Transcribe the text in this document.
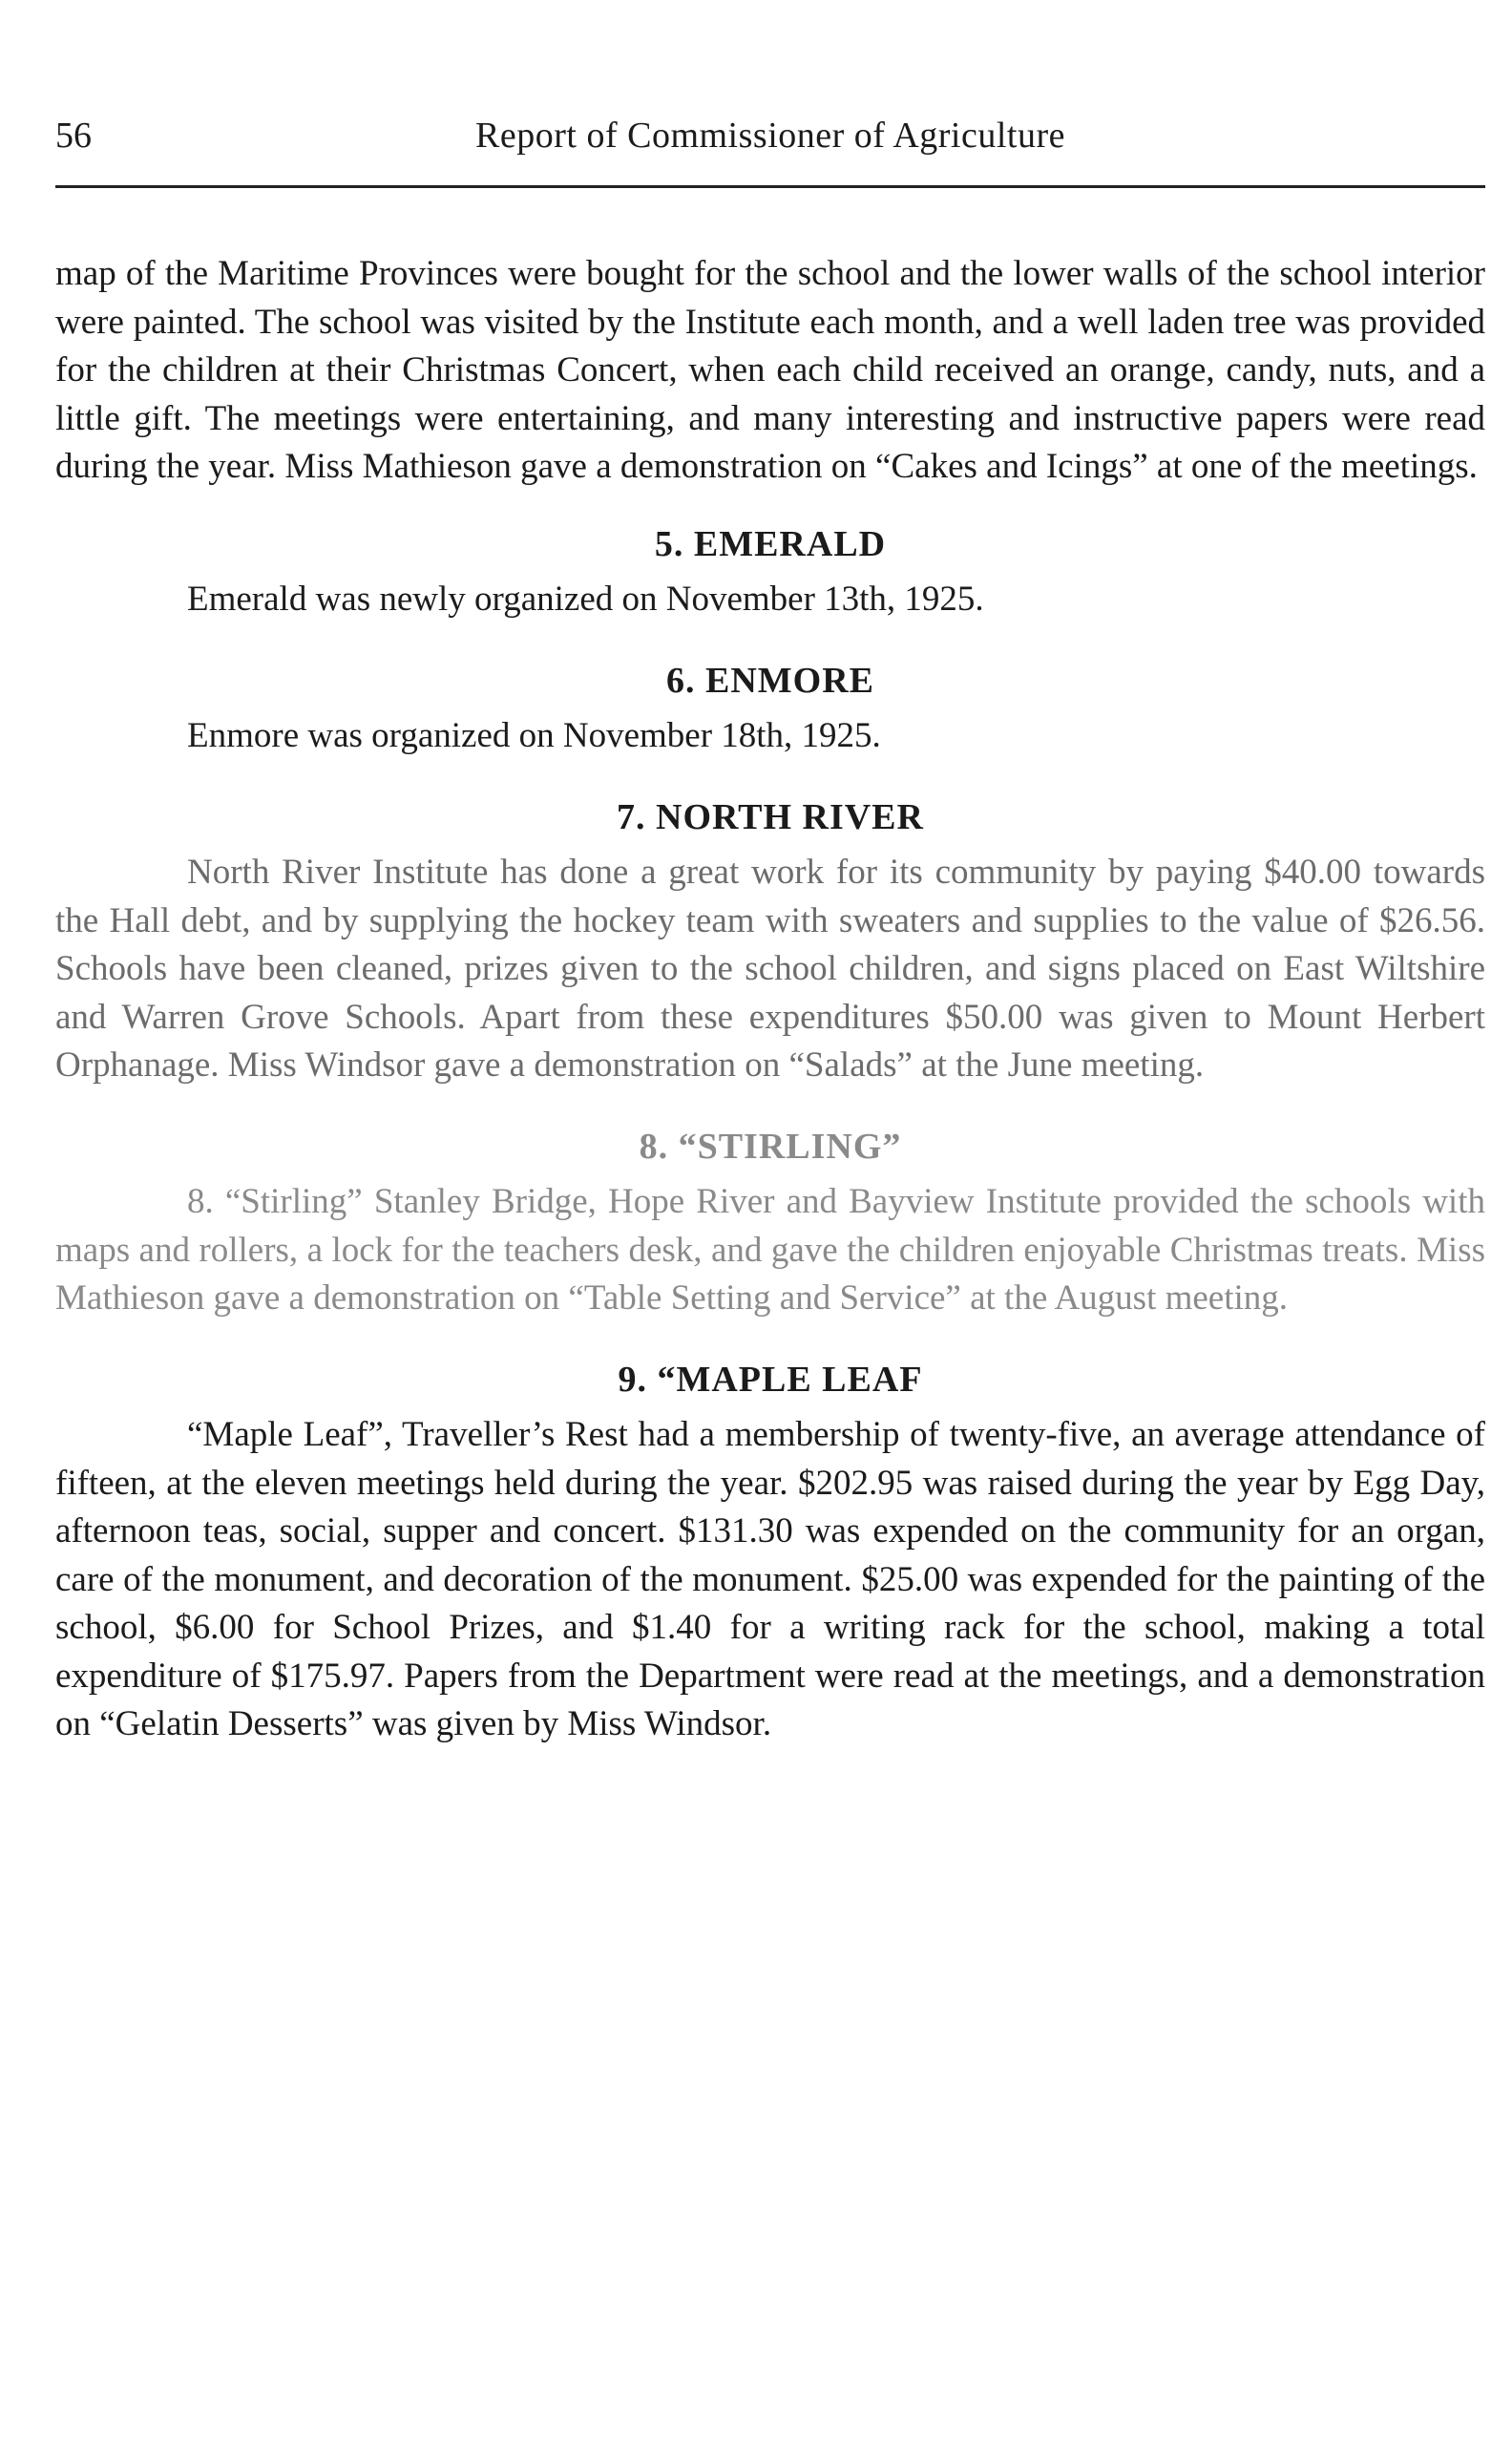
56	Report of Commissioner of Agriculture

map of the Maritime Provinces were bought for the school and the lower walls of the school interior were painted. The school was visited by the Institute each month, and a well laden tree was provided for the children at their Christmas Concert, when each child received an orange, candy, nuts, and a little gift. The meetings were entertaining, and many interesting and instructive papers were read during the year. Miss Mathieson gave a demonstration on “Cakes and Icings” at one of the meetings.

5. EMERALD

Emerald was newly organized on November 13th, 1925.

6. ENMORE

Enmore was organized on November 18th, 1925.

7. NORTH RIVER

North River Institute has done a great work for its community by paying $40.00 towards the Hall debt, and by supplying the hockey team with sweaters and supplies to the value of $26.56. Schools have been cleaned, prizes given to the school children, and signs placed on East Wiltshire and Warren Grove Schools. Apart from these expenditures $50.00 was given to Mount Herbert Orphanage. Miss Windsor gave a demonstration on “Salads” at the June meeting.

8. “STIRLING”

8. “Stirling” Stanley Bridge, Hope River and Bayview Institute provided the schools with maps and rollers, a lock for the teachers desk, and gave the children enjoyable Christmas treats. Miss Mathieson gave a demonstration on “Table Setting and Service” at the August meeting.

9. “MAPLE LEAF

“Maple Leaf”, Traveller’s Rest had a membership of twenty-five, an average attendance of fifteen, at the eleven meetings held during the year. $202.95 was raised during the year by Egg Day, afternoon teas, social, supper and concert. $131.30 was expended on the community for an organ, care of the monument, and decoration of the monument. $25.00 was expended for the painting of the school, $6.00 for School Prizes, and $1.40 for a writing rack for the school, making a total expenditure of $175.97. Papers from the Department were read at the meetings, and a demonstration on “Gelatin Desserts” was given by Miss Windsor.
